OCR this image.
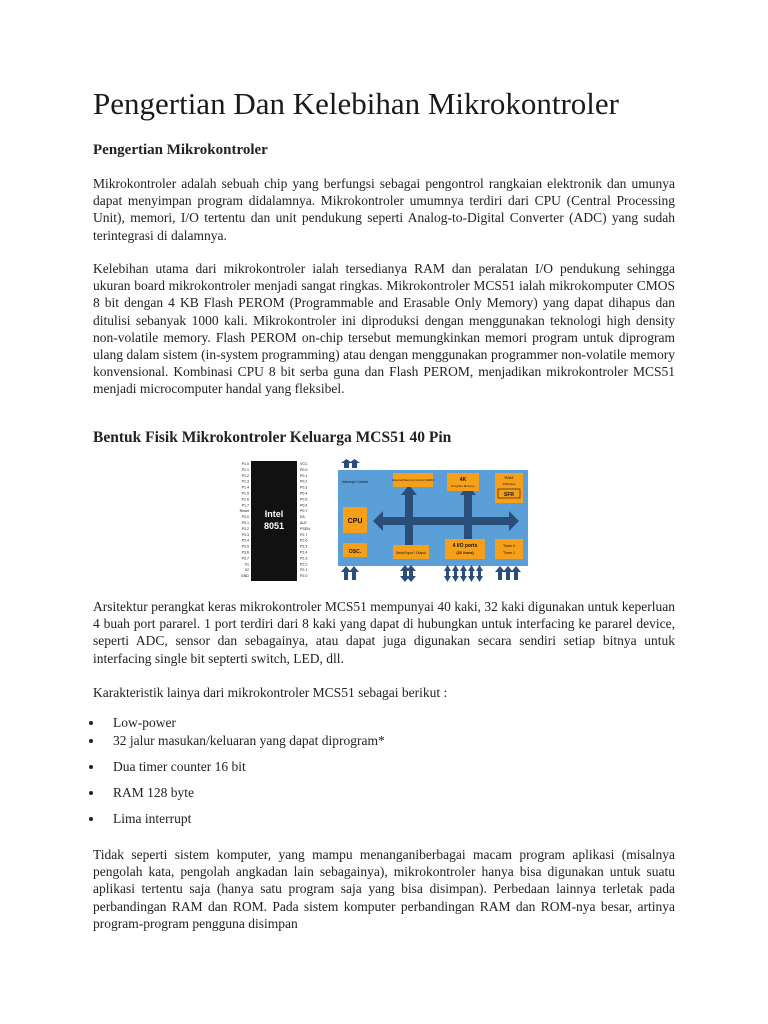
Pengertian Dan Kelebihan Mikrokontroler
Pengertian Mikrokontroler

Mikrokontroler adalah sebuah chip yang berfungsi sebagai pengontrol rangkaian elektronik dan umunya dapat menyimpan program didalamnya. Mikrokontroler umumnya terdiri dari CPU (Central Processing Unit), memori, I/O tertentu dan unit pendukung seperti Analog-to-Digital Converter (ADC) yang sudah terintegrasi di dalamnya.

Kelebihan utama dari mikrokontroler ialah tersedianya RAM dan peralatan I/O pendukung sehingga ukuran board mikrokontroler menjadi sangat ringkas. Mikrokontroler MCS51 ialah mikrokomputer CMOS 8 bit dengan 4 KB Flash PEROM (Programmable and Erasable Only Memory) yang dapat dihapus dan ditulisi sebanyak 1000 kali. Mikrokontroler ini diproduksi dengan menggunakan teknologi high density non-volatile memory. Flash PEROM on-chip tersebut memungkinkan memori program untuk diprogram ulang dalam sistem (in-system programming) atau dengan menggunakan programmer non-volatile memory konvensional. Kombinasi CPU 8 bit serba guna dan Flash PEROM, menjadikan mikrokontroler MCS51 menjadi microcomputer handal yang fleksibel.

Bentuk Fisik Mikrokontroler Keluarga MCS51 40 Pin
Intel
8051
P1.0
P1.1
P1.2
P1.3
P1.4
P1.5
P1.6
P1.7
Reset
P3.0
P3.1
P3.2
P3.3
P3.4
P3.5
P3.6
P3.7
X1
X2
GND
VCC
P0.0
P0.1
P0.2
P0.3
P0.4
P0.5
P0.6
P0.7
EA
ALE
PSEN
P2.7
P2.6
P2.5
P2.4
P2.3
P2.2
P2.1
P2.0
Interrupt Control	External Memory Control (EMC)	4K
Program Memory
RAM
128 bytes
SFR
CPU
OSC.	Serial Input / Output
4 I/O ports
(32 lines)
Timer 0
Timer 1

Arsitektur perangkat keras mikrokontroler MCS51 mempunyai 40 kaki, 32 kaki digunakan untuk keperluan 4 buah port pararel. 1 port terdiri dari 8 kaki yang dapat di hubungkan untuk interfacing ke pararel device, seperti ADC, sensor dan sebagainya, atau dapat juga digunakan secara sendiri setiap bitnya untuk interfacing single bit septerti switch, LED, dll.

Karakteristik lainya dari mikrokontroler MCS51 sebagai berikut :

Low-power
32 jalur masukan/keluaran yang dapat diprogram*
Dua timer counter 16 bit
RAM 128 byte
Lima interrupt

Tidak seperti sistem komputer, yang mampu menanganiberbagai macam program aplikasi (misalnya pengolah kata, pengolah angkadan lain sebagainya), mikrokontroler hanya bisa digunakan untuk suatu aplikasi tertentu saja (hanya satu program saja yang bisa disimpan). Perbedaan lainnya terletak pada perbandingan RAM dan ROM. Pada sistem komputer perbandingan RAM dan ROM-nya besar, artinya program-program pengguna disimpan
